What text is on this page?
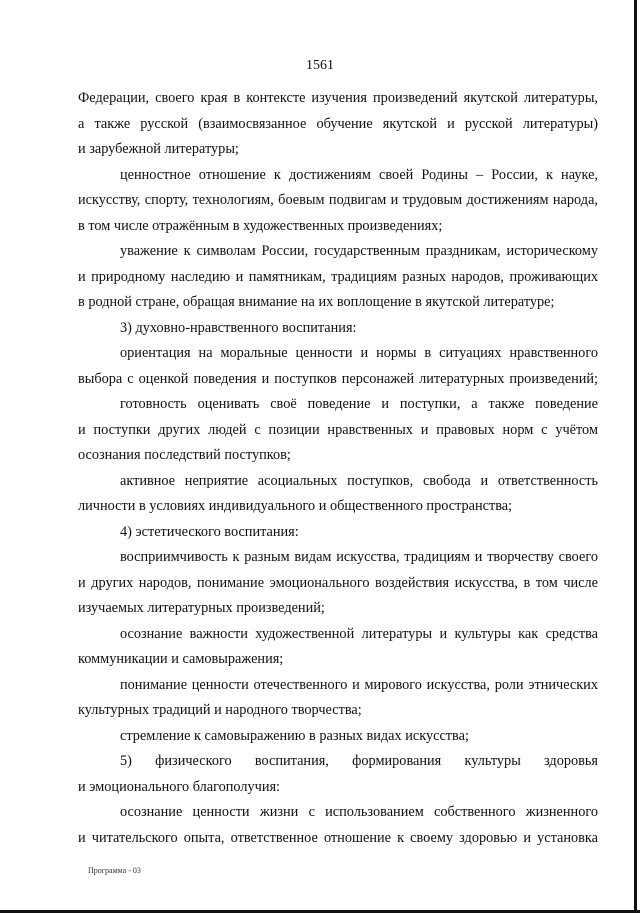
1561
Федерации, своего края в контексте изучения произведений якутской литературы,
а также русской (взаимосвязанное обучение якутской и русской литературы)
и зарубежной литературы;
ценностное отношение к достижениям своей Родины – России, к науке,
искусству, спорту, технологиям, боевым подвигам и трудовым достижениям народа,
в том числе отражённым в художественных произведениях;
уважение к символам России, государственным праздникам, историческому
и природному наследию и памятникам, традициям разных народов, проживающих
в родной стране, обращая внимание на их воплощение в якутской литературе;
3) духовно-нравственного воспитания:
ориентация на моральные ценности и нормы в ситуациях нравственного
выбора с оценкой поведения и поступков персонажей литературных произведений;
готовность оценивать своё поведение и поступки, а также поведение
и поступки других людей с позиции нравственных и правовых норм с учётом
осознания последствий поступков;
активное неприятие асоциальных поступков, свобода и ответственность
личности в условиях индивидуального и общественного пространства;
4) эстетического воспитания:
восприимчивость к разным видам искусства, традициям и творчеству своего
и других народов, понимание эмоционального воздействия искусства, в том числе
изучаемых литературных произведений;
осознание важности художественной литературы и культуры как средства
коммуникации и самовыражения;
понимание ценности отечественного и мирового искусства, роли этнических
культурных традиций и народного творчества;
стремление к самовыражению в разных видах искусства;
5) физического воспитания, формирования культуры здоровья
и эмоционального благополучия:
осознание ценности жизни с использованием собственного жизненного
и читательского опыта, ответственное отношение к своему здоровью и установка
Программа - 03
